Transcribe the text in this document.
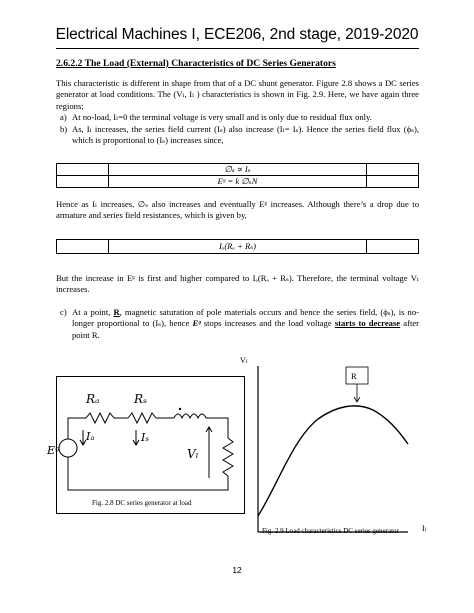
Electrical Machines I, ECE206, 2nd stage, 2019-2020
2.6.2.2 The Load (External) Characteristics of DC Series Generators
This characteristic is different in shape from that of a DC shunt generator. Figure 2.8 shows a DC series generator at load conditions. The (Vₗ, Iₗ ) characteristics is shown in Fig. 2.9. Here, we have again three regions;
a) At no-load, Iₗ=0 the terminal voltage is very small and is only due to residual flux only.
b) As, Iₗ increases, the series field current (Iₛ) also increase (Iₗ= Iₛ). Hence the series field flux (ϕₛ), which is proportional to (Iₛ) increases since,
	∅ₛ ∝ Iₛ	
	Eᵍ = k ∅ₛN	
Hence as Iₗ increases, ∅ₛ also increases and eventually Eᵍ increases. Although there’s a drop due to armature and series field resistances, which is given by,
	Iₐ(Rₐ + Rₛ)	
But the increase in Eᵍ is first and higher compared to Iₐ(Rₐ + Rₛ). Therefore, the terminal voltage Vₗ increases.
c) At a point, R, magnetic saturation of pole materials occurs and hence the series field, (ϕₛ), is no-longer proportional to (Iₛ), hence Eᵍ stops increases and the load voltage starts to decrease after point R.
Rₐ	Rₛ
Iₐ	Iₛ
Vₗ
Eᵍ
Fig. 2.8 DC series generator at load
R
Vₗ
Iₗ
Fig. 2.9 Load characteristics DC series generator
12
